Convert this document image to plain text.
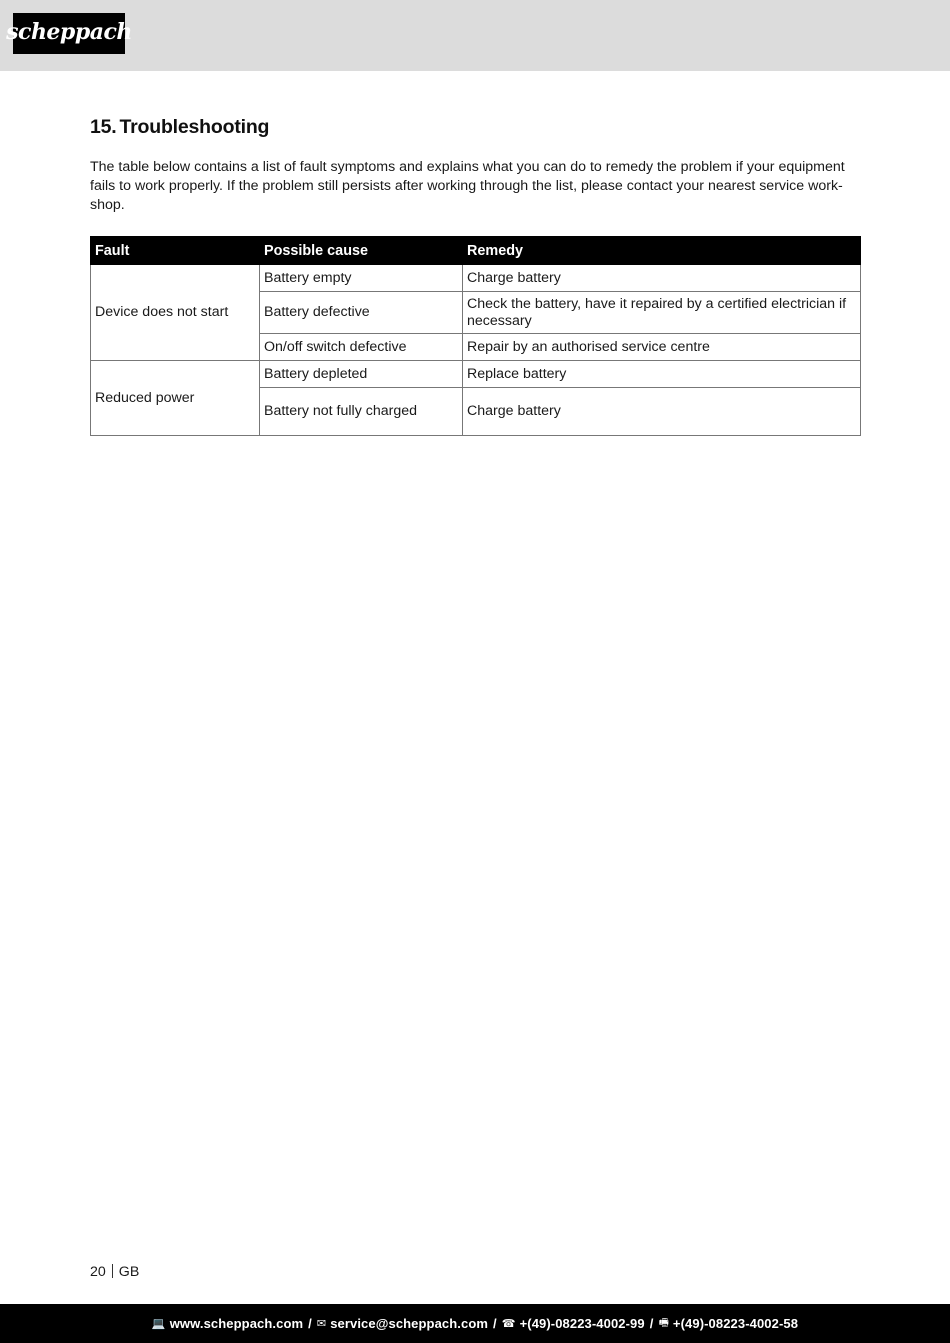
scheppach
15. Troubleshooting

The table below contains a list of fault symptoms and explains what you can do to remedy the problem if your equipment fails to work properly. If the problem still persists after working through the list, please contact your nearest service work-shop.

Fault	Possible cause	Remedy
Device does not start	Battery empty	Charge battery
	Battery defective	Check the battery, have it repaired by a certified electrician if necessary
	On/off switch defective	Repair by an authorised service centre
Reduced power	Battery depleted	Replace battery
	Battery not fully charged	Charge battery
20 GB
💻 www.scheppach.com / ✉ service@scheppach.com / ☎ +(49)-08223-4002-99 / 🖷 +(49)-08223-4002-58
